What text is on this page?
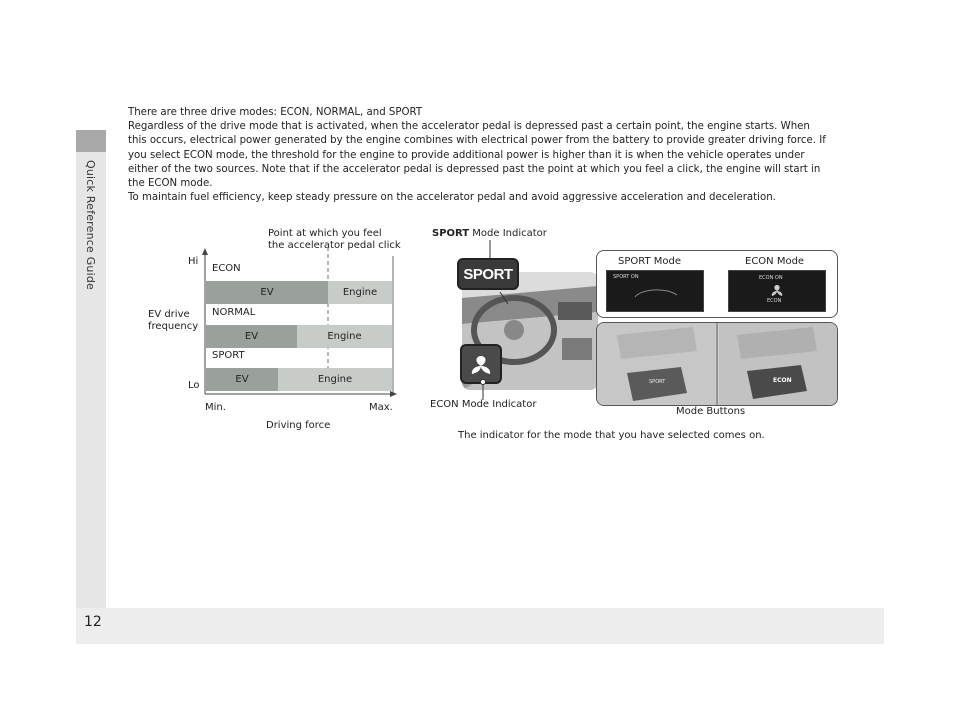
Quick Reference Guide
12

There are three drive modes: ECON, NORMAL, and SPORT

Regardless of the drive mode that is activated, when the accelerator pedal is depressed past a certain point, the engine starts. When this occurs, electrical power generated by the engine combines with electrical power from the battery to provide greater driving force. If you select ECON mode, the threshold for the engine to provide additional power is higher than it is when the vehicle operates under either of the two sources. Note that if the accelerator pedal is depressed past the point at which you feel a click, the engine will start in the ECON mode.

To maintain fuel efficiency, keep steady pressure on the accelerator pedal and avoid aggressive acceleration and deceleration.

Point at which you feel
the accelerator pedal click
Hi
Lo
EV drive
frequency
Min.	Max.
Driving force
ECON
EV	Engine
NORMAL
EV	Engine
SPORT
EV	Engine
SPORT Mode Indicator
SPORT
ECON Mode Indicator
SPORT Mode	ECON Mode
SPORT ON	ECON ON
ECON
SPORT	ECON
Mode Buttons
The indicator for the mode that you have selected comes on.
